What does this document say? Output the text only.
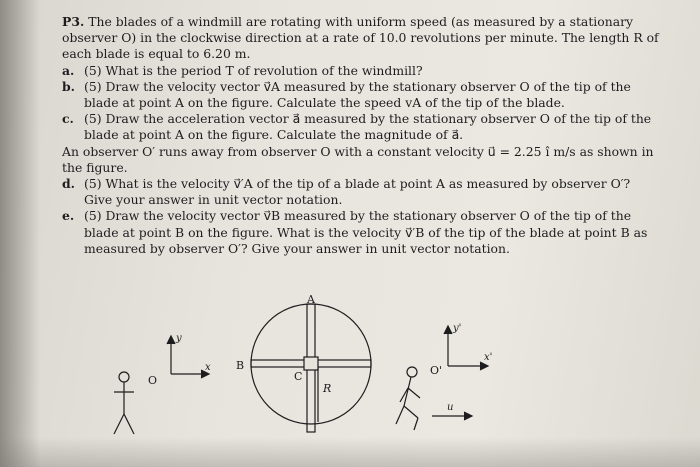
P3. The blades of a windmill are rotating with uniform speed (as measured by a stationary observer O) in the clockwise direction at a rate of 10.0 revolutions per minute. The length R of each blade is equal to 6.20 m.

a. (5) What is the period T of revolution of the windmill?

b. (5) Draw the velocity vector v⃗A measured by the stationary observer O of the tip of the blade at point A on the figure. Calculate the speed vA of the tip of the blade.

c. (5) Draw the acceleration vector a⃗ measured by the stationary observer O of the tip of the blade at point A on the figure. Calculate the magnitude of a⃗.

An observer O′ runs away from observer O with a constant velocity u⃗ = 2.25 î m/s as shown in the figure.

d. (5) What is the velocity v⃗′A of the tip of a blade at point A as measured by observer O′? Give your answer in unit vector notation.

e. (5) Draw the velocity vector v⃗B measured by the stationary observer O of the tip of the blade at point B on the figure. What is the velocity v⃗′B of the tip of the blade at point B as measured by observer O′? Give your answer in unit vector notation.

A
B
C
R
O
O'
y
x
y'
x'
u
